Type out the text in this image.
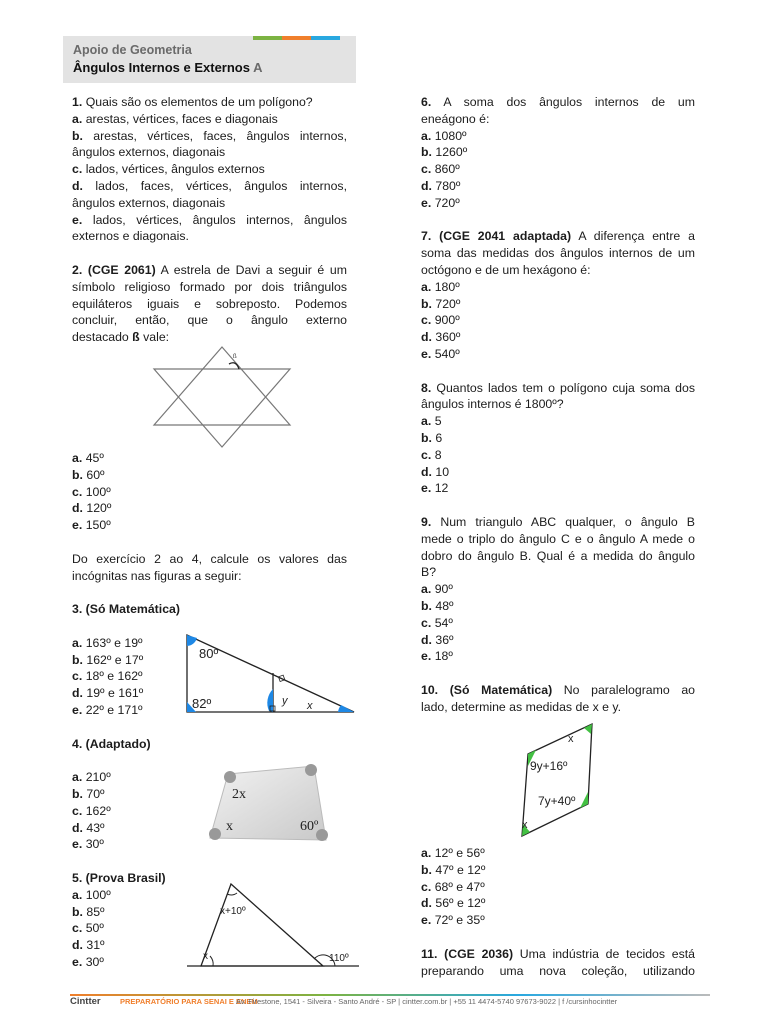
Apoio de Geometria
Ângulos Internos e Externos A

1. Quais são os elementos de um polígono?

a. arestas, vértices, faces e diagonais

b. arestas, vértices, faces, ângulos internos,

ângulos externos, diagonais

c. lados, vértices, ângulos externos

d. lados, faces, vértices, ângulos internos,

ângulos externos, diagonais

e. lados, vértices, ângulos internos, ângulos

externos e diagonais.

2. (CGE 2061) A estrela de Davi a seguir é um

símbolo religioso formado por dois triângulos

equiláteros iguais e sobreposto. Podemos

concluir, então, que o ângulo externo

destacado ß vale:

ß

a. 45º

b. 60º

c. 100º

d. 120º

e. 150º

Do exercício 2 ao 4, calcule os valores das

incógnitas nas figuras a seguir:

3. (Só Matemática)

a. 163º e 19º

b. 162º e 17º

c. 18º e 162º

d. 19º e 161º

e. 22º e 171º

4. (Adaptado)

a. 210º

b. 70º

c. 162º

d. 43º

e. 30º

5. (Prova Brasil)

a. 100º

b. 85º

c. 50º

d. 31º

e. 30º

80º
82º	y x
2x
x	60º
x+10º
x	110º

6. A soma dos ângulos internos de um

eneágono é:

a. 1080º

b. 1260º

c. 860º

d. 780º

e. 720º

7. (CGE 2041 adaptada) A diferença entre a

soma das medidas dos ângulos internos de um

octógono e de um hexágono é:

a. 180º

b. 720º

c. 900º

d. 360º

e. 540º

8. Quantos lados tem o polígono cuja soma dos

ângulos internos é 1800º?

a. 5

b. 6

c. 8

d. 10

e. 12

9. Num triangulo ABC qualquer, o ângulo B

mede o triplo do ângulo C e o ângulo A mede o

dobro do ângulo B. Qual é a medida do ângulo

B?

a. 90º

b. 48º

c. 54º

d. 36º

e. 18º

10. (Só Matemática) No paralelogramo ao

lado, determine as medidas de x e y.

x
9y+16º
7y+40º
x

a. 12º e 56º

b. 47º e 12º

c. 68º e 47º

d. 56º e 12º

e. 72º e 35º

11. (CGE 2036) Uma indústria de tecidos está

preparando uma nova coleção, utilizando

Cintter	PREPARATÓRIO PARA SENAI E ENEM
Av. Firestone, 1541 - Silveira - Santo André - SP | cintter.com.br | +55 11 4474-5740 97673-9022 | f /cursinhocintter
